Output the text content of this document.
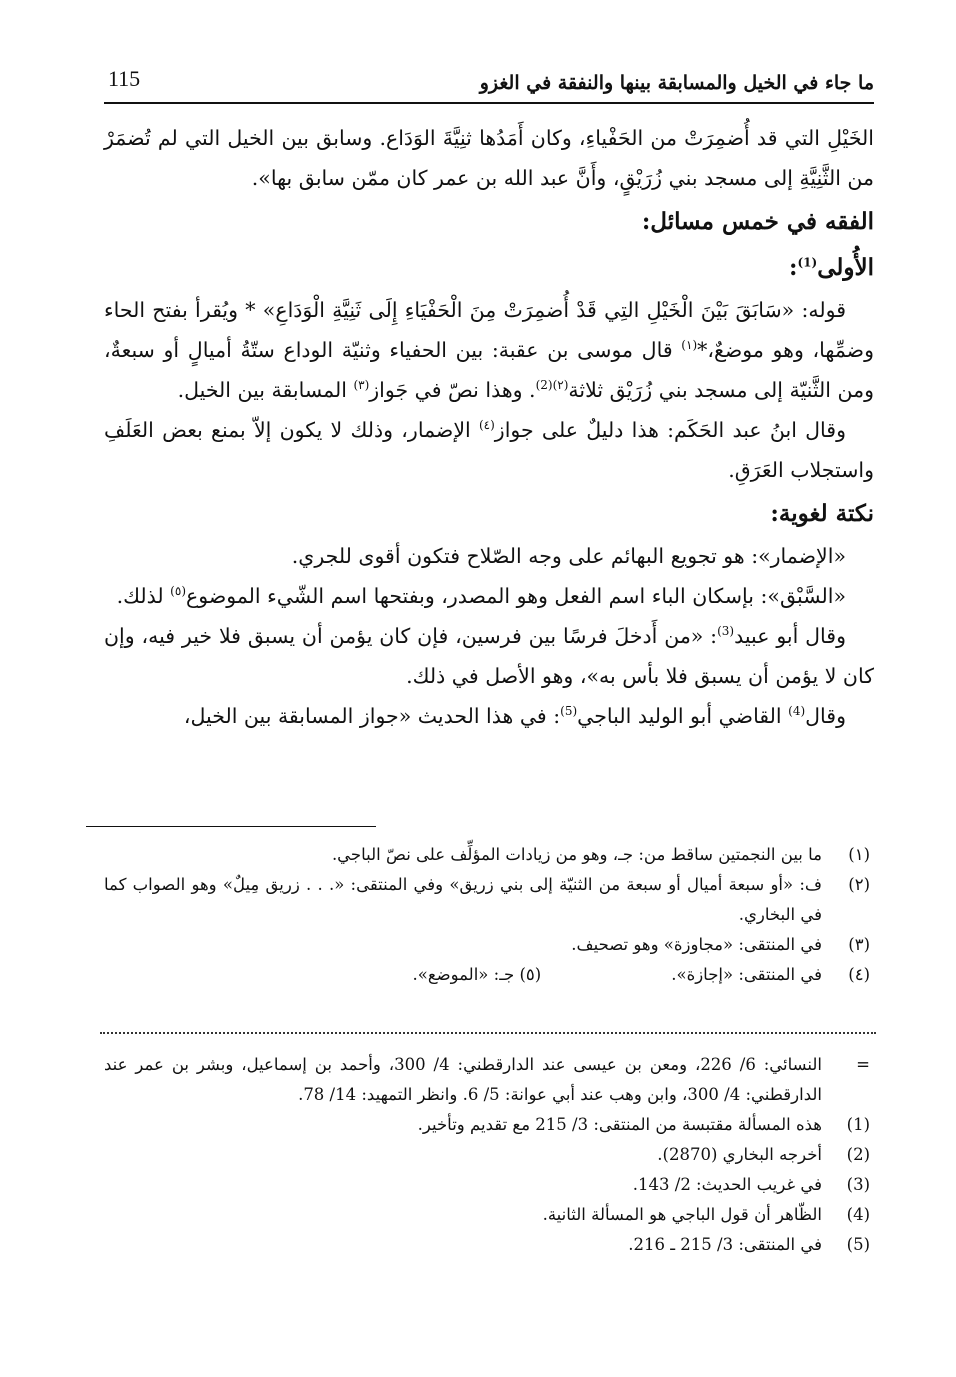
ما جاء في الخيل والمسابقة بينها والنفقة في الغزو
115

الخَيْلِ التي قد أُضمِرَتْ من الحَفْياءِ، وكان أَمَدُها ثنِيَّةَ الوَدَاع. وسابق بين الخيل التي لم تُضمَرْ من الثَّنِيَّةِ إلى مسجد بني زُرَيْقٍ، وأَنَّ عبد الله بن عمر كان ممّن سابق بها».

الفقه في خمس مسائل:

الأُولى$^{(1)}$:

قوله: «سَابَقَ بَيْنَ الْخَيْلِ التِي قَدْ أُضمِرَتْ مِنَ الْحَفْيَاءِ إِلَى ثَنِيَّةِ الْوَدَاعِ» * ويُقرأ بفتح الحاء وضمِّها، وهو موضعٌ،*$^{(١)}$ قال موسى بن عقبة: بين الحفياء وثنيّة الوداع ستّةُ أميالٍ أو سبعةٌ، ومن الثَّنيّة إلى مسجد بني زُرَيْق ثلاثة$^{(٢)(2)}$. وهذا نصّ في جَواز$^{(٣)}$ المسابقة بين الخيل.

وقال ابنُ عبد الحَكَم: هذا دليلٌ على جواز$^{(٤)}$ الإضمار، وذلك لا يكون إلاّ بمنع بعض العَلَفِ واستجلاب العَرَقِ.

نكتة لغوية:

«الإضمار»: هو تجويع البهائم على وجه الصّلاح فتكون أقوى للجري.

«السَّبْق»: بإسكان الباء اسم الفعل وهو المصدر، وبفتحها اسم الشّيء الموضوع$^{(٥)}$ لذلك.

وقال أبو عبيد$^{(3)}$: «من أَدخلَ فرسًا بين فرسين، فإن كان يؤمن أن يسبق فلا خير فيه، وإن كان لا يؤمن أن يسبق فلا بأس به»، وهو الأصل في ذلك.

وقال$^{(4)}$ القاضي أبو الوليد الباجي$^{(5)}$: في هذا الحديث «جواز المسابقة بين الخيل،

(١)
ما بين النجمتين ساقط من: جـ، وهو من زيادات المؤلِّف على نصّ الباجي.

(٢)
ف: «أو سبعة أميال أو سبعة من الثنيّة إلى بني زريق» وفي المنتقى: «. . . زريق مِيلٌ» وهو الصواب كما في البخاري.

(٣)
في المنتقى: «مجاوزة» وهو تصحيف.

(٤)
في المنتقى: «إجازة».(٥) جـ: «الموضع».

=
النسائي: 6/ 226، ومعن بن عيسى عند الدارقطني: 4/ 300، وأحمد بن إسماعيل، وبشر بن عمر عند الدارقطني: 4/ 300، وابن وهب عند أبي عوانة: 5/ 6. وانظر التمهيد: 14/ 78.

(1)
هذه المسألة مقتبسة من المنتقى: 3/ 215 مع تقديم وتأخير.

(2)
أخرجه البخاري (2870).

(3)
في غريب الحديث: 2/ 143.

(4)
الظّاهر أن قول الباجي هو المسألة الثانية.

(5)
في المنتقى: 3/ 215 ـ 216.
